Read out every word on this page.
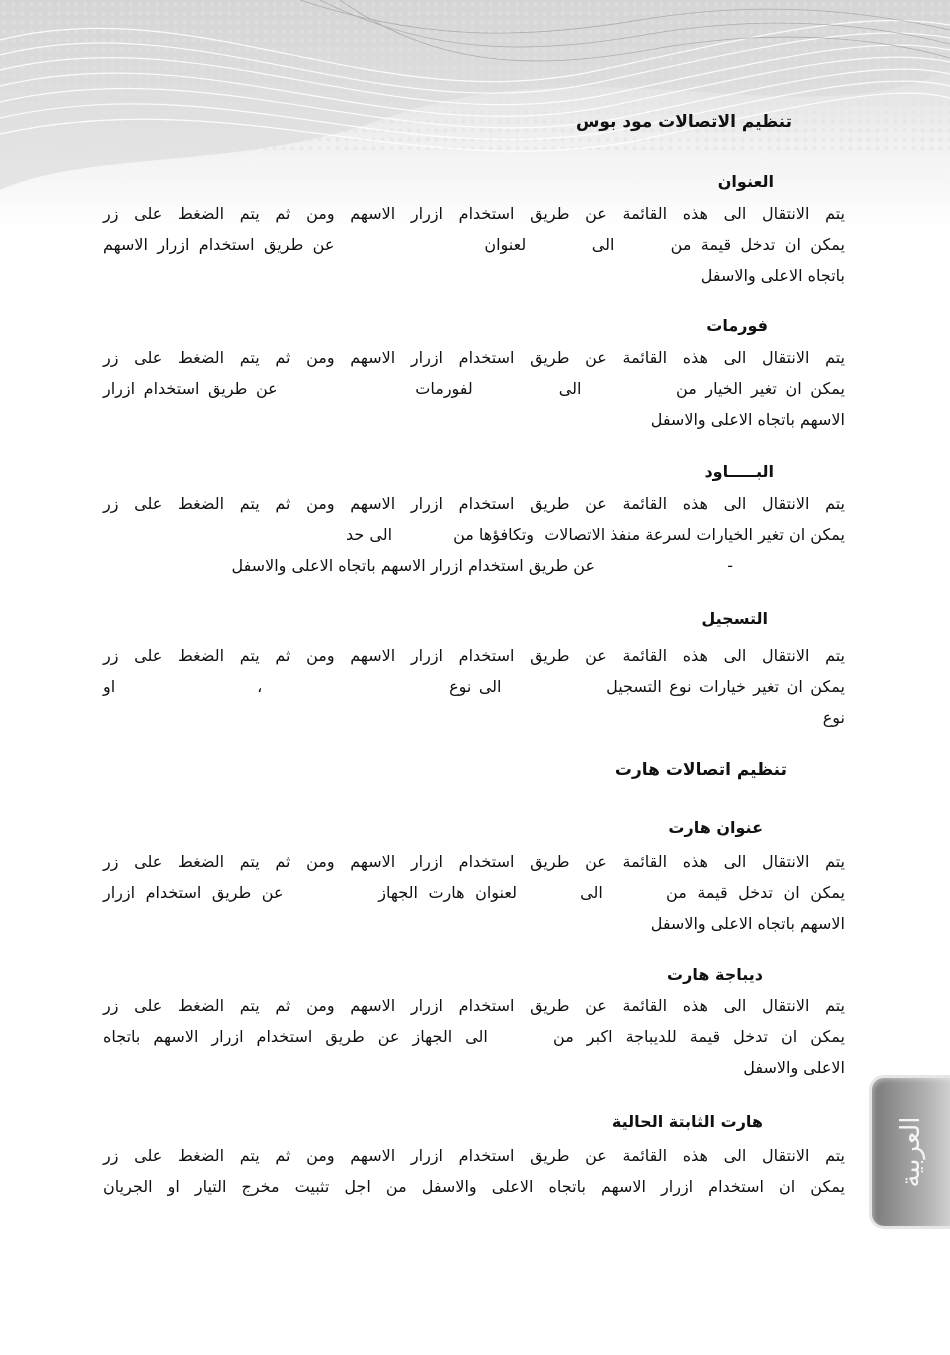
تنظيم الاتصالات مود بوس
العنوان
يتم الانتقال الى هذه القائمة عن طريق استخدام ازرار الاسهم ومن ثم يتم الضغط على زر
يمكن ان تدخل قيمة من      الى       لعنوان                عن طريق استخدام ازرار الاسهم
باتجاه الاعلى والاسفل
فورمات
يتم الانتقال الى هذه القائمة عن طريق استخدام ازرار الاسهم ومن ثم يتم الضغط على زر
يمكن ان تغير الخيار من           الى          لفورمات                عن طريق استخدام ازرار
الاسهم باتجاه الاعلى والاسفل
البـــــاود
يتم الانتقال الى هذه القائمة عن طريق استخدام ازرار الاسهم ومن ثم يتم الضغط على زر
يمكن ان تغير الخيارات لسرعة منفذ الاتصالات  وتكافؤها من            الى حد

عن طريق استخدام ازرار الاسهم باتجاه الاعلى والاسفل

	-

التسجيل
يتم الانتقال الى هذه القائمة عن طريق استخدام ازرار الاسهم ومن ثم يتم الضغط على زر
يمكن ان تغير خيارات نوع التسجيل              الى نوع                         ،                   او
نوع
تنظيم اتصالات هارت
عنوان هارت
يتم الانتقال الى هذه القائمة عن طريق استخدام ازرار الاسهم ومن ثم يتم الضغط على زر
يمكن ان تدخل قيمة من      الى      لعنوان هارت الجهاز         عن طريق استخدام ازرار
الاسهم باتجاه الاعلى والاسفل
ديباجة هارت
يتم الانتقال الى هذه القائمة عن طريق استخدام ازرار الاسهم ومن ثم يتم الضغط على زر
يمكن ان تدخل قيمة للديباجة اكبر من     الى الجهاز عن طريق استخدام ازرار الاسهم باتجاه
الاعلى والاسفل
هارت الثابتة الحالية
يتم الانتقال الى هذه القائمة عن طريق استخدام ازرار الاسهم ومن ثم يتم الضغط على زر
يمكن ان استخدام ازرار الاسهم باتجاه الاعلى والاسفل من اجل تثبيت مخرج التيار او الجريان العربية
